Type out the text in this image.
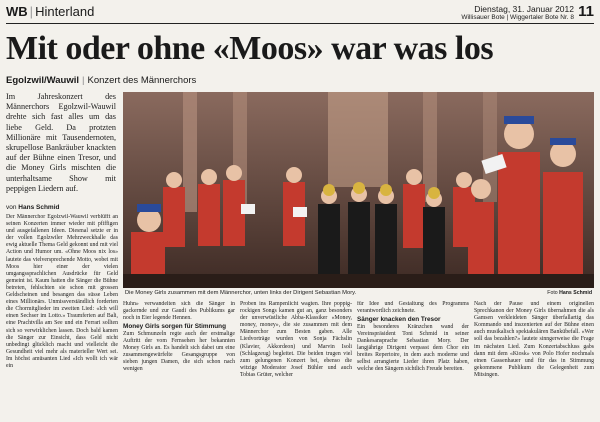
WB | Hinterland	Dienstag, 31. Januar 2012
Willisauer Bote | Wiggertaler Bote Nr. 8 11
Mit oder ohne «Moos» war was los
Egolzwil/Wauwil | Konzert des Männerchors

Im Jahreskonzert des Männerchors Egolzwil-Wauwil drehte sich fast alles um das liebe Geld. Da protzten Millionäre mit Tausendernoten, skrupellose Bankräuber knackten auf der Bühne einen Tresor, und die Money Girls mischten die unterhaltsame Show mit peppigen Liedern auf.

von Hans Schmid

Der Männerchor Egolzwil-Wauwil verblüfft an seinen Konzerten immer wieder mit pfiffigen und ausgefallenen Ideen. Diesmal setzte er in der vollen Egolzwiler Mehrzweckhalle das ewig aktuelle Thema Geld gekonnt und mit viel Action und Humor um. «Ohne Moos nix los» lautete das vielversprechende Motto, wobei mit Moos hier einer der vielen umgangssprachlichen Ausdrücke für Geld gemeint ist. Kaum hatten die Sänger die Bühne betreten, fehlschten sie schon mit grossen Geldscheinen und besangen das süsse Leben eines Millionärs. Unmissverständlich forderten die Chormitglieder im zweiten Lied: «Ich will einen Sechser im Lotto.» Traumferien auf Bali, eine Prachtvilla am See und ein Ferrari sollten sich so verwirklichen lassen. Doch bald kamen die Sänger zur Einsicht, dass Geld nicht unbedingt glücklich macht und vielleicht die Gesundheit viel mehr als materieller Wert sei. Im höchst amüsanten Lied «Ich wollt ich wär ein

Huhn» verwandelten sich die Sänger in gackernde und zur Gaudi des Publikums gar noch in Eier legende Hennen.

Money Girls sorgen für Stimmung

Zum Schmunzeln regte auch der erstmalige Auftritt der vom Fernsehen her bekannten Money Girls an. Es handelt sich dabei um eine zusammengewürfelte Gesangsgruppe von sieben jungen Damen, die sich schon nach wenigen

Proben ins Rampenlicht wagten. Ihre poppig-rockigen Songs kamen gut an, ganz besonders der unverwüstliche Abba-Klassiker «Money, money, money», die sie zusammen mit dem Männerchor zum Besten gaben. Alle Liedvorträge wurden von Sonja Fächslin (Klavier, Akkordeon) und Marvin Isoli (Schlagzeug) begleitet. Die beiden trugen viel zum gelungenen Konzert bei, ebenso die witzige Moderator Josef Bühler und auch Tobias Grüter, welcher

für Idee und Gestaltung des Programms verantwortlich zeichnete.

Sänger knacken den Tresor

Ein besonderes Kränzchen wand der Vereinspräsident Toni Schmid in seiner Dankesansprache Sebastian Mory. Der langjährige Dirigent verpasst dem Chor ein breites Repertoire, in dem auch moderne und selbst arrangierte Lieder ihren Platz haben, welche den Sängern sichtlich Freude bereiten.

Nach der Pause und einem originellen Sprechkanon der Money Girls übernahmen die als Gamsen verkleideten Sänger überfallartig das Kommando und inszenierten auf der Bühne einen auch musikalisch spektakulären Bankübefall. «Wer soll das bezahlen?» lautete sinngerweise die Frage im nächsten Lied. Zum Konzertabschluss gabs dann mit dem «Kiosk» von Polo Hofer nochmals einen Gassenhauer und für das in Stimmung gekommene Publikum die Gelegenheit zum Mitsingen.

Die Money Girls zusammen mit dem Männerchor, unten links der Dirigent Sebastian Mory.	Foto Hans Schmid
